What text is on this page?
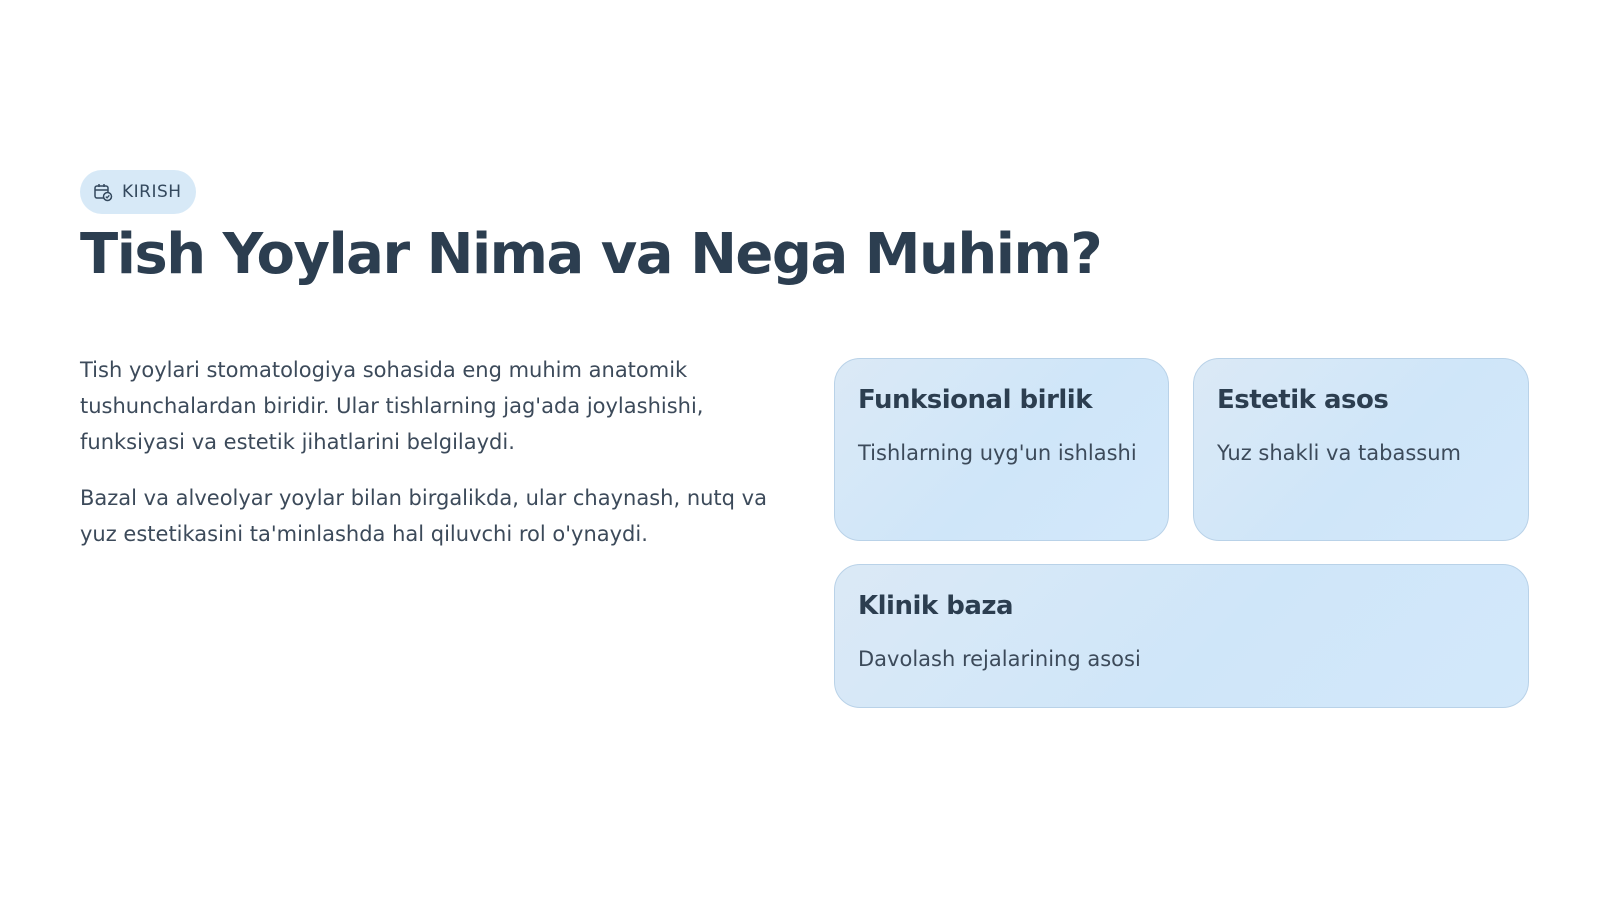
KIRISH
Tish Yoylar Nima va Nega Muhim?

Tish yoylari stomatologiya sohasida eng muhim anatomik tushunchalardan biridir. Ular tishlarning jag'ada joylashishi, funksiyasi va estetik jihatlarini belgilaydi.

Bazal va alveolyar yoylar bilan birgalikda, ular chaynash, nutq va yuz estetikasini ta'minlashda hal qiluvchi rol o'ynaydi.

Funksional birlik

Tishlarning uyg'un ishlashi

Estetik asos

Yuz shakli va tabassum

Klinik baza

Davolash rejalarining asosi
